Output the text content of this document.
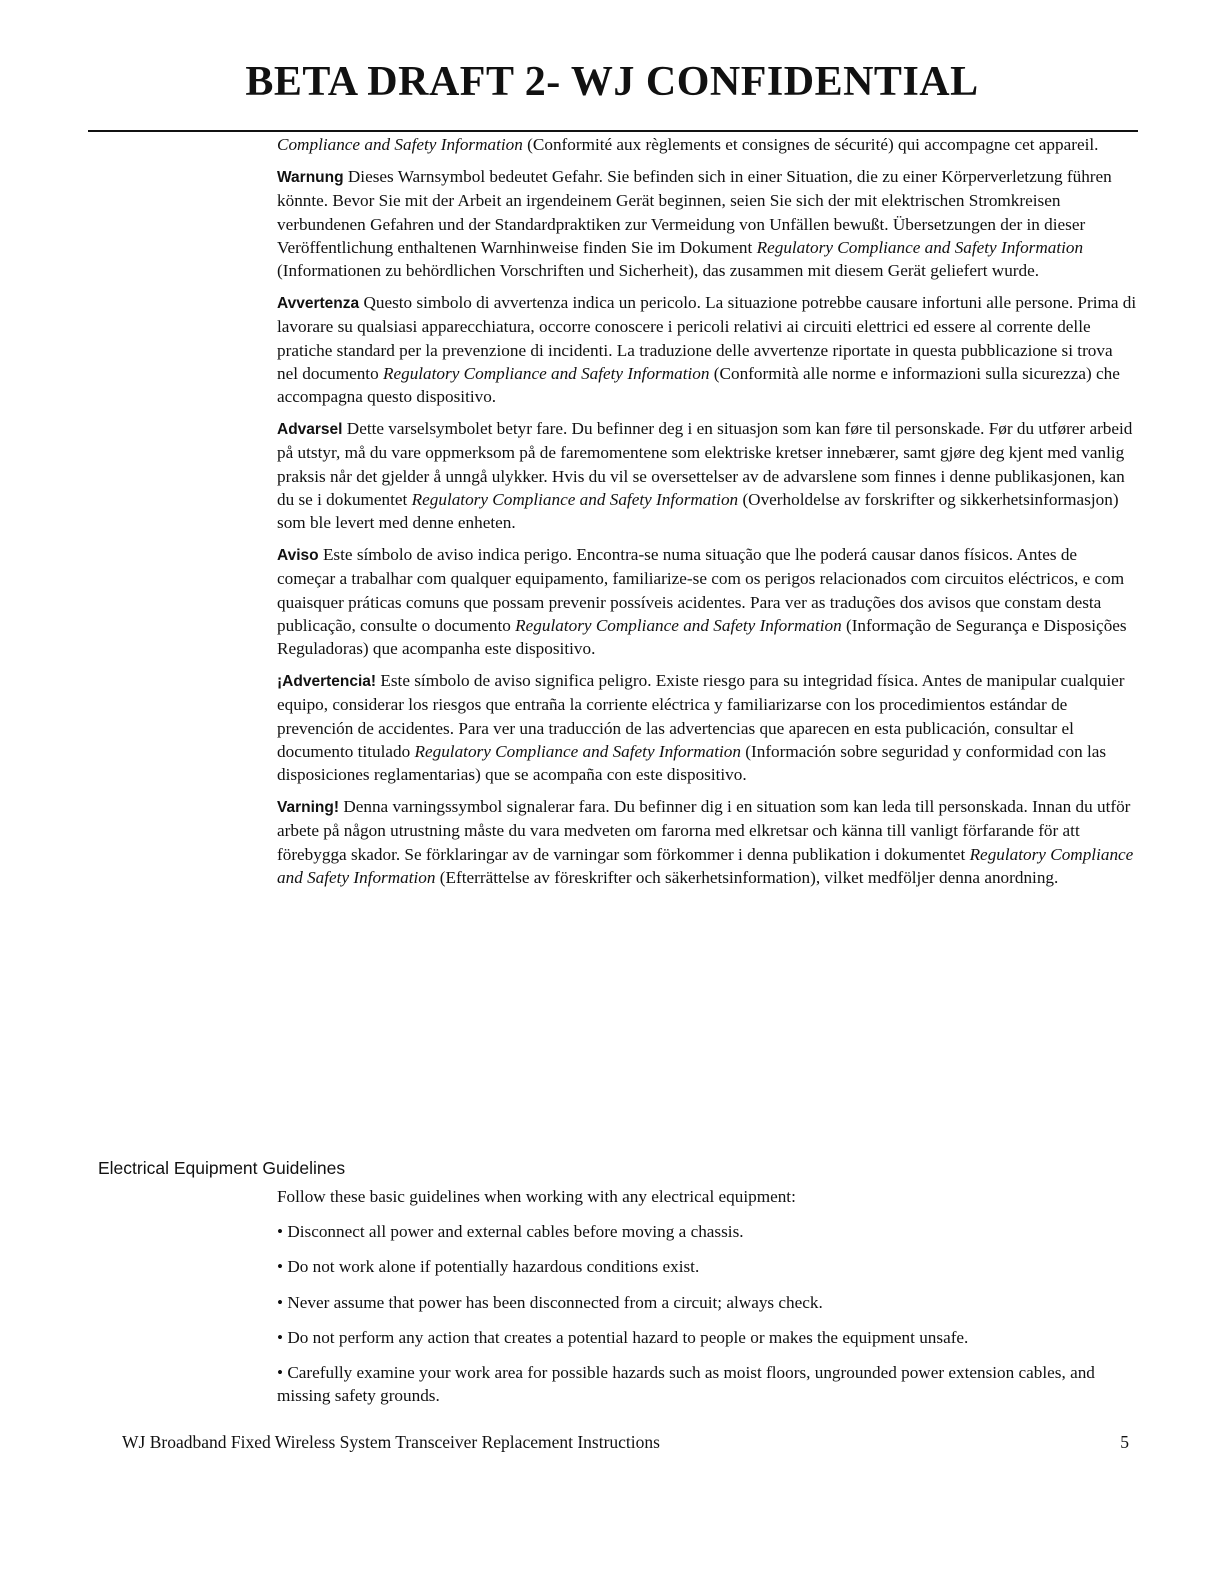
BETA DRAFT 2- WJ CONFIDENTIAL

Compliance and Safety Information (Conformité aux règlements et consignes de sécurité) qui accompagne cet appareil.

Warnung Dieses Warnsymbol bedeutet Gefahr. Sie befinden sich in einer Situation, die zu einer Körperverletzung führen könnte. Bevor Sie mit der Arbeit an irgendeinem Gerät beginnen, seien Sie sich der mit elektrischen Stromkreisen verbundenen Gefahren und der Standardpraktiken zur Vermeidung von Unfällen bewußt. Übersetzungen der in dieser Veröffentlichung enthaltenen Warnhinweise finden Sie im Dokument Regulatory Compliance and Safety Information (Informationen zu behördlichen Vorschriften und Sicherheit), das zusammen mit diesem Gerät geliefert wurde.

Avvertenza Questo simbolo di avvertenza indica un pericolo. La situazione potrebbe causare infortuni alle persone. Prima di lavorare su qualsiasi apparecchiatura, occorre conoscere i pericoli relativi ai circuiti elettrici ed essere al corrente delle pratiche standard per la prevenzione di incidenti. La traduzione delle avvertenze riportate in questa pubblicazione si trova nel documento Regulatory Compliance and Safety Information (Conformità alle norme e informazioni sulla sicurezza) che accompagna questo dispositivo.

Advarsel Dette varselsymbolet betyr fare. Du befinner deg i en situasjon som kan føre til personskade. Før du utfører arbeid på utstyr, må du vare oppmerksom på de faremomentene som elektriske kretser innebærer, samt gjøre deg kjent med vanlig praksis når det gjelder å unngå ulykker. Hvis du vil se oversettelser av de advarslene som finnes i denne publikasjonen, kan du se i dokumentet Regulatory Compliance and Safety Information (Overholdelse av forskrifter og sikkerhetsinformasjon) som ble levert med denne enheten.

Aviso Este símbolo de aviso indica perigo. Encontra-se numa situação que lhe poderá causar danos físicos. Antes de começar a trabalhar com qualquer equipamento, familiarize-se com os perigos relacionados com circuitos eléctricos, e com quaisquer práticas comuns que possam prevenir possíveis acidentes. Para ver as traduções dos avisos que constam desta publicação, consulte o documento Regulatory Compliance and Safety Information (Informação de Segurança e Disposições Reguladoras) que acompanha este dispositivo.

¡Advertencia! Este símbolo de aviso significa peligro. Existe riesgo para su integridad física. Antes de manipular cualquier equipo, considerar los riesgos que entraña la corriente eléctrica y familiarizarse con los procedimientos estándar de prevención de accidentes. Para ver una traducción de las advertencias que aparecen en esta publicación, consultar el documento titulado Regulatory Compliance and Safety Information (Información sobre seguridad y conformidad con las disposiciones reglamentarias) que se acompaña con este dispositivo.

Varning! Denna varningssymbol signalerar fara. Du befinner dig i en situation som kan leda till personskada. Innan du utför arbete på någon utrustning måste du vara medveten om farorna med elkretsar och känna till vanligt förfarande för att förebygga skador. Se förklaringar av de varningar som förkommer i denna publikation i dokumentet Regulatory Compliance and Safety Information (Efterrättelse av föreskrifter och säkerhetsinformation), vilket medföljer denna anordning.

Electrical Equipment Guidelines

Follow these basic guidelines when working with any electrical equipment:

• Disconnect all power and external cables before moving a chassis.

• Do not work alone if potentially hazardous conditions exist.

• Never assume that power has been disconnected from a circuit; always check.

• Do not perform any action that creates a potential hazard to people or makes the equipment unsafe.

• Carefully examine your work area for possible hazards such as moist floors, ungrounded power extension cables, and missing safety grounds.

WJ Broadband Fixed Wireless System Transceiver Replacement Instructions	5
